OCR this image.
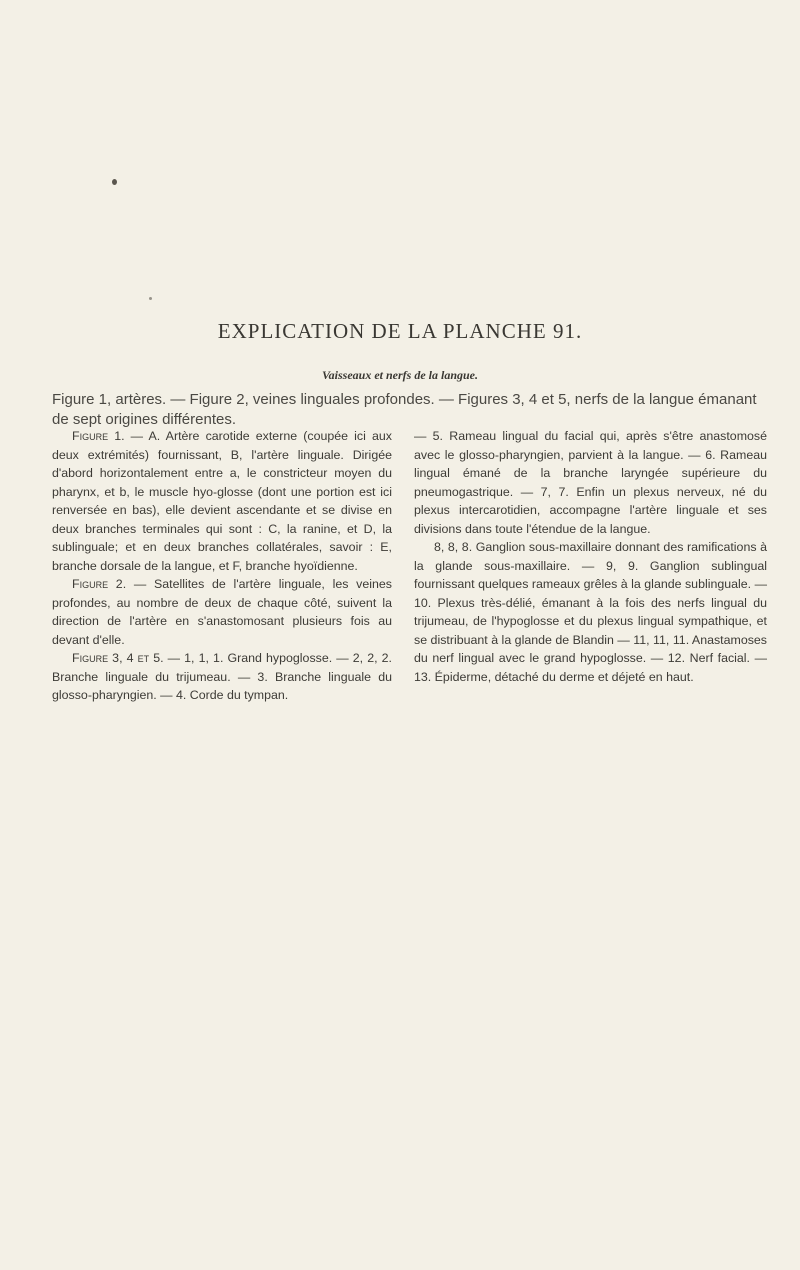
EXPLICATION DE LA PLANCHE 91.
Vaisseaux et nerfs de la langue.

Figure 1, artères. — Figure 2, veines linguales profondes. — Figures 3, 4 et 5, nerfs de la langue émanant de sept origines différentes.

Figure 1. — A. Artère carotide externe (coupée ici aux deux extrémités) fournissant, B, l'artère linguale. Dirigée d'abord horizontalement entre a, le constricteur moyen du pharynx, et b, le muscle hyo-glosse (dont une portion est ici renversée en bas), elle devient ascendante et se divise en deux branches terminales qui sont : C, la ranine, et D, la sublinguale; et en deux branches collatérales, savoir : E, branche dorsale de la langue, et F, branche hyoïdienne.

Figure 2. — Satellites de l'artère linguale, les veines profondes, au nombre de deux de chaque côté, suivent la direction de l'artère en s'anastomosant plusieurs fois au devant d'elle.

Figure 3, 4 et 5. — 1, 1, 1. Grand hypoglosse. — 2, 2, 2. Branche linguale du trijumeau. — 3. Branche linguale du glosso-pharyngien. — 4. Corde du tympan.

— 5. Rameau lingual du facial qui, après s'être anastomosé avec le glosso-pharyngien, parvient à la langue. — 6. Rameau lingual émané de la branche laryngée supérieure du pneumogastrique. — 7, 7. Enfin un plexus nerveux, né du plexus intercarotidien, accompagne l'artère linguale et ses divisions dans toute l'étendue de la langue.

8, 8, 8. Ganglion sous-maxillaire donnant des ramifications à la glande sous-maxillaire. — 9, 9. Ganglion sublingual fournissant quelques rameaux grêles à la glande sublinguale. — 10. Plexus très-délié, émanant à la fois des nerfs lingual du trijumeau, de l'hypoglosse et du plexus lingual sympathique, et se distribuant à la glande de Blandin — 11, 11, 11. Anastamoses du nerf lingual avec le grand hypoglosse. — 12. Nerf facial. — 13. Épiderme, détaché du derme et déjeté en haut.
